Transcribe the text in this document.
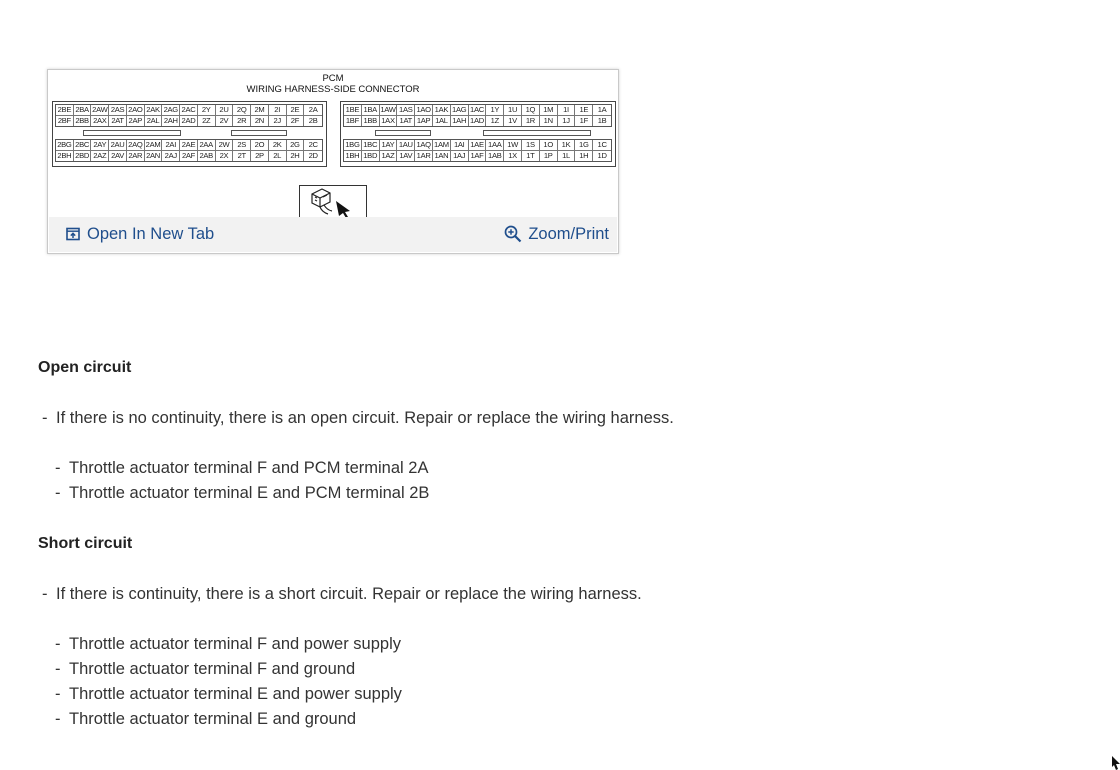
PCM
WIRING HARNESS-SIDE CONNECTOR
2BE 2BA 2AW 2AS 2AO 2AK 2AG 2AC 2Y	2U	2Q	2M	2I	2E	2A
2BF 2BB 2AX 2AT 2AP 2AL 2AH 2AD 2Z	2V	2R	2N	2J	2F	2B
2BG 2BC 2AY 2AU 2AQ 2AM 2AI 2AE 2AA 2W	2S	2O	2K	2G	2C
2BH 2BD 2AZ 2AV 2AR 2AN 2AJ 2AF 2AB 2X	2T	2P	2L	2H	2D
1BE 1BA 1AW 1AS 1AO 1AK 1AG 1AC 1Y	1U	1Q	1M	1I	1E	1A
1BF 1BB 1AX 1AT 1AP 1AL 1AH 1AD 1Z	1V	1R	1N	1J	1F	1B
1BG 1BC 1AY 1AU 1AQ 1AM 1AI 1AE 1AA 1W	1S	1O	1K	1G	1C
1BH 1BD 1AZ 1AV 1AR 1AN 1AJ 1AF 1AB 1X	1T	1P	1L	1H	1D
Open In New Tab	Zoom/Print
Open circuit
- If there is no continuity, there is an open circuit. Repair or replace the wiring harness.
- Throttle actuator terminal F and PCM terminal 2A
- Throttle actuator terminal E and PCM terminal 2B
Short circuit
- If there is continuity, there is a short circuit. Repair or replace the wiring harness.
- Throttle actuator terminal F and power supply
- Throttle actuator terminal F and ground
- Throttle actuator terminal E and power supply
- Throttle actuator terminal E and ground
